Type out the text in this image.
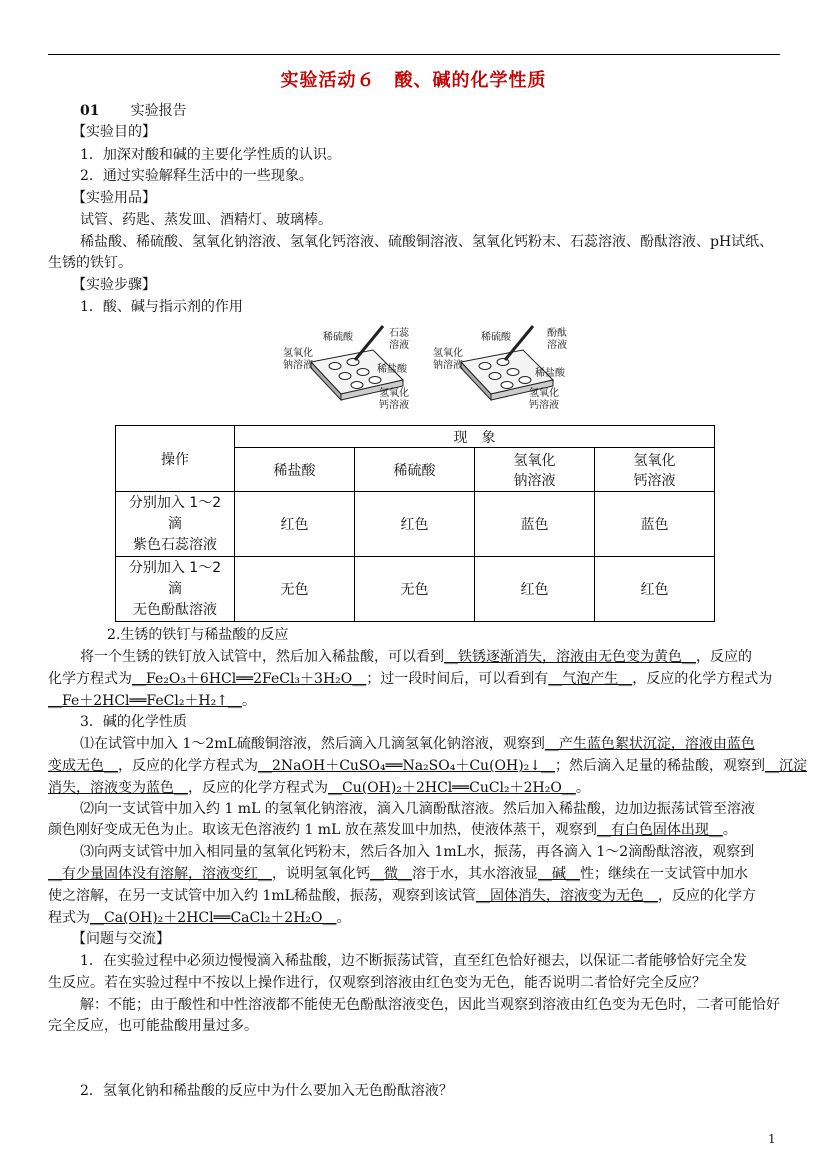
实验活动６　酸、碱的化学性质
01 实验报告
【实验目的】
1．加深对酸和碱的主要化学性质的认识。
2．通过实验解释生活中的一些现象。
【实验用品】
试管、药匙、蒸发皿、酒精灯、玻璃棒。
稀盐酸、稀硫酸、氢氧化钠溶液、氢氧化钙溶液、硫酸铜溶液、氢氧化钙粉末、石蕊溶液、酚酞溶液、pH试纸、
生锈的铁钉。
【实验步骤】
1．酸、碱与指示剂的作用
稀硫酸	石蕊
溶液
氢氧化
钠溶液	稀盐酸
氢氧化
钙溶液
稀硫酸	酚酞
溶液
氢氧化
钠溶液
稀盐酸
氢氧化
钙溶液
操作	现　象			
	稀盐酸	稀硫酸	氢氧化
钠溶液	氢氧化
钙溶液
分别加入 1～2
滴
紫色石蕊溶液	红色	红色	蓝色	蓝色
分别加入 1～2
滴
无色酚酞溶液	无色	无色	红色	红色
2.生锈的铁钉与稀盐酸的反应
将一个生锈的铁钉放入试管中，然后加入稀盐酸，可以看到__铁锈逐渐消失，溶液由无色变为黄色__，反应的
化学方程式为__Fe₂O₃＋6HCl══2FeCl₃＋3H₂O__；过一段时间后，可以看到有__气泡产生__，反应的化学方程式为
__Fe＋2HCl══FeCl₂＋H₂↑__。
3．碱的化学性质
⑴在试管中加入 1～2mL硫酸铜溶液，然后滴入几滴氢氧化钠溶液，观察到__产生蓝色絮状沉淀，溶液由蓝色
变成无色__，反应的化学方程式为__2NaOH＋CuSO₄══Na₂SO₄＋Cu(OH)₂↓__；然后滴入足量的稀盐酸，观察到__沉淀
消失，溶液变为蓝色__，反应的化学方程式为__Cu(OH)₂＋2HCl══CuCl₂＋2H₂O__。
⑵向一支试管中加入约 1 mL 的氢氧化钠溶液，滴入几滴酚酞溶液。然后加入稀盐酸，边加边振荡试管至溶液
颜色刚好变成无色为止。取该无色溶液约 1 mL 放在蒸发皿中加热，使液体蒸干，观察到__有白色固体出现__。
⑶向两支试管中加入相同量的氢氧化钙粉末，然后各加入 1mL水，振荡，再各滴入 1～2滴酚酞溶液，观察到
__有少量固体没有溶解，溶液变红__，说明氢氧化钙__微__溶于水，其水溶液显__碱__性；继续在一支试管中加水
使之溶解，在另一支试管中加入约 1mL稀盐酸，振荡，观察到该试管__固体消失，溶液变为无色__，反应的化学方
程式为__Ca(OH)₂＋2HCl══CaCl₂＋2H₂O__。
【问题与交流】
1．在实验过程中必须边慢慢滴入稀盐酸，边不断振荡试管，直至红色恰好褪去，以保证二者能够恰好完全发
生反应。若在实验过程中不按以上操作进行，仅观察到溶液由红色变为无色，能否说明二者恰好完全反应？
解：不能；由于酸性和中性溶液都不能使无色酚酞溶液变色，因此当观察到溶液由红色变为无色时，二者可能恰好
完全反应，也可能盐酸用量过多。
2．氢氧化钠和稀盐酸的反应中为什么要加入无色酚酞溶液？
1
